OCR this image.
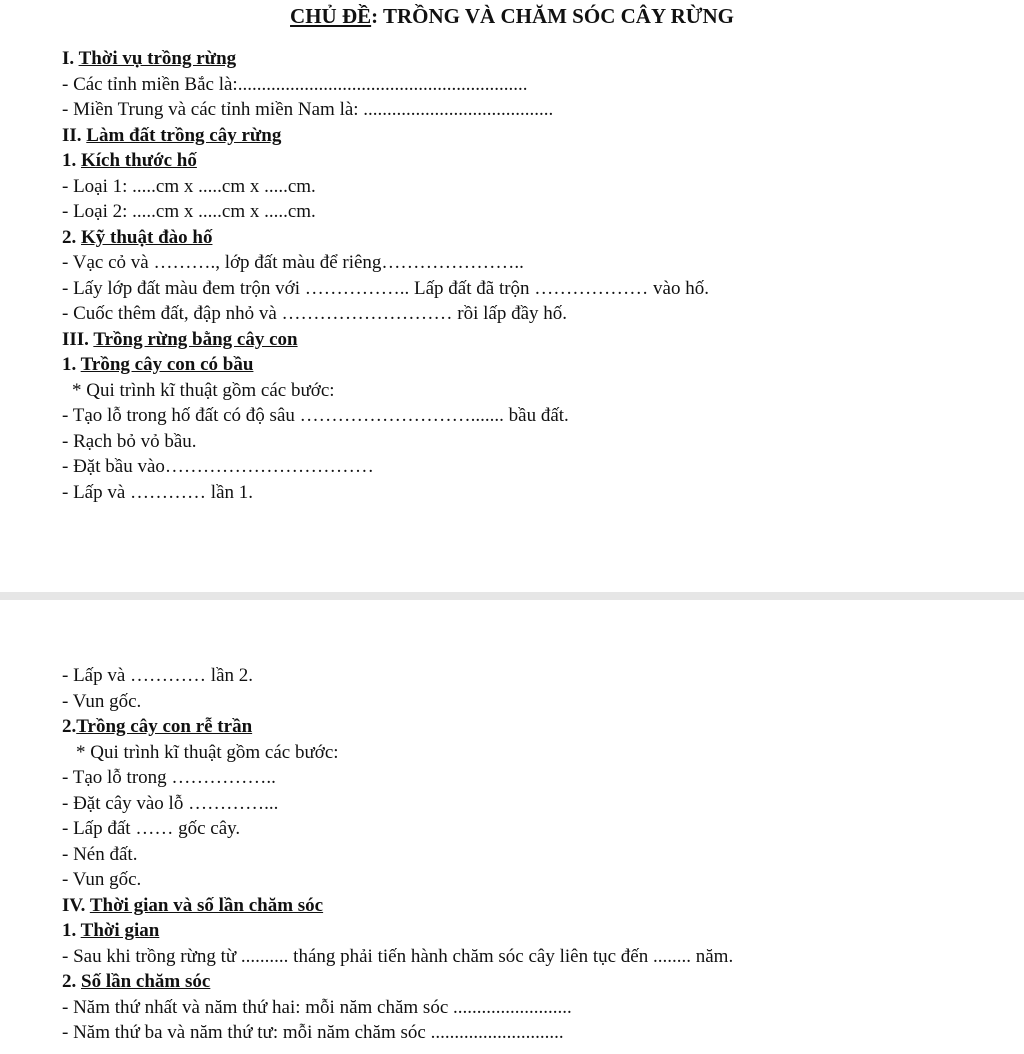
CHỦ ĐỀ: TRỒNG VÀ CHĂM SÓC CÂY RỪNG
I. Thời vụ trồng rừng
- Các tỉnh miền Bắc là:.............................................................
- Miền Trung và các tỉnh miền Nam là: ........................................
II. Làm đất trồng cây rừng
1. Kích thước hố
- Loại 1: .....cm x .....cm x .....cm.
- Loại 2: .....cm x .....cm x .....cm.
2. Kỹ thuật đào hố
- Vạc cỏ và ………., lớp đất màu để riêng…………………..
- Lấy lớp đất màu đem trộn với …………….. Lấp đất đã trộn ……………… vào hố.
- Cuốc thêm đất, đập nhỏ và ……………………… rồi lấp đầy hố.
III. Trồng rừng bằng cây con
1. Trồng cây con có bầu
* Qui trình kĩ thuật gồm các bước:
- Tạo lỗ trong hố đất có độ sâu ………………………....... bầu đất.
- Rạch bỏ vỏ bầu.
- Đặt bầu vào……………………………
- Lấp và ………… lần 1.
- Lấp và ………… lần 2.
- Vun gốc.
2.Trồng cây con rễ trần
* Qui trình kĩ thuật gồm các bước:
- Tạo lỗ trong ……………..
- Đặt cây vào lỗ …………...
- Lấp đất …… gốc cây.
- Nén đất.
- Vun gốc.
IV. Thời gian và số lần chăm sóc
1. Thời gian
- Sau khi trồng rừng từ .......... tháng phải tiến hành chăm sóc cây liên tục đến ........ năm.
2. Số lần chăm sóc
- Năm thứ nhất và năm thứ hai: mỗi năm chăm sóc .........................
- Năm thứ ba và năm thứ tư: mỗi năm chăm sóc ............................
